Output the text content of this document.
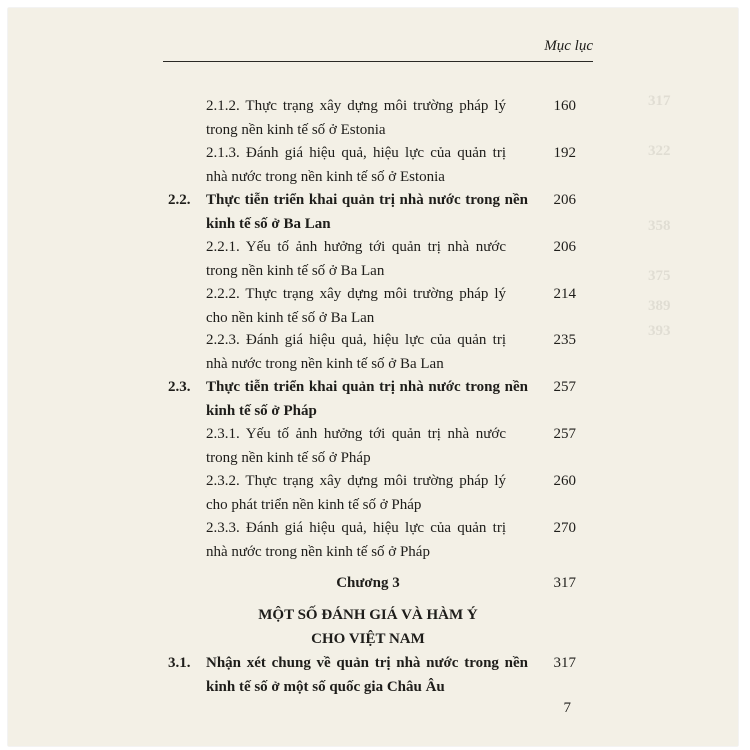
317
322
358
375
389
393
Mục lục
2.1.2. Thực trạng xây dựng môi trường pháp lý trong nền kinh tế số ở Estonia
160
2.1.3. Đánh giá hiệu quả, hiệu lực của quản trị nhà nước trong nền kinh tế số ở Estonia
192
2.2. Thực tiễn triển khai quản trị nhà nước trong nền kinh tế số ở Ba Lan
206
2.2.1. Yếu tố ảnh hưởng tới quản trị nhà nước trong nền kinh tế số ở Ba Lan
206
2.2.2. Thực trạng xây dựng môi trường pháp lý cho nền kinh tế số ở Ba Lan
214
2.2.3. Đánh giá hiệu quả, hiệu lực của quản trị nhà nước trong nền kinh tế số ở Ba Lan
235
2.3. Thực tiễn triển khai quản trị nhà nước trong nền kinh tế số ở Pháp
257
2.3.1. Yếu tố ảnh hưởng tới quản trị nhà nước trong nền kinh tế số ở Pháp
257
2.3.2. Thực trạng xây dựng môi trường pháp lý cho phát triển nền kinh tế số ở Pháp
260
2.3.3. Đánh giá hiệu quả, hiệu lực của quản trị nhà nước trong nền kinh tế số ở Pháp
270
Chương 3	317
MỘT SỐ ĐÁNH GIÁ VÀ HÀM Ý
CHO VIỆT NAM
3.1. Nhận xét chung về quản trị nhà nước trong nền kinh tế số ở một số quốc gia Châu Âu
317
7
